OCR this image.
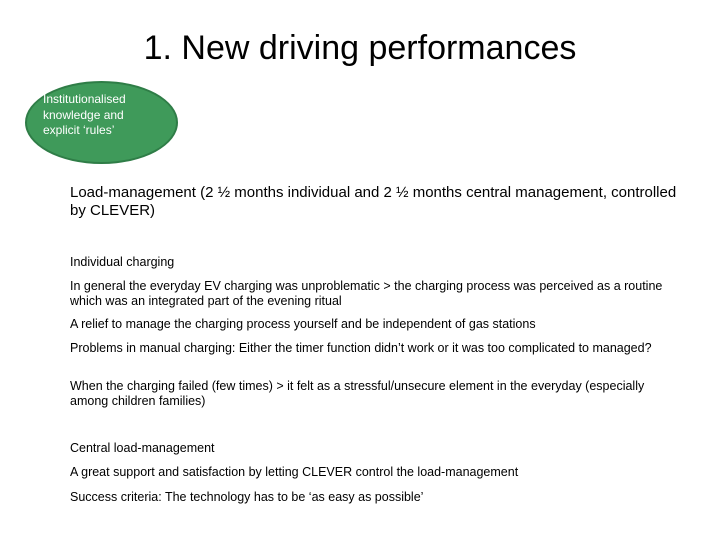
1. New driving performances
Institutionalised knowledge and explicit ‘rules’
Load-management (2 ½ months individual and 2 ½ months central management, controlled by CLEVER)
Individual charging
In general the everyday EV charging was unproblematic > the charging process was perceived as a routine which was an integrated part of the evening ritual
A relief to manage the charging process yourself and be independent of gas stations
Problems in manual charging: Either the timer function didn’t work or it was too complicated to managed?
When the charging failed (few times) > it felt as a stressful/unsecure element in the everyday (especially among children families)
Central load-management
A great support and satisfaction by letting CLEVER control the load-management
Success criteria: The technology has to be ‘as easy as possible’
